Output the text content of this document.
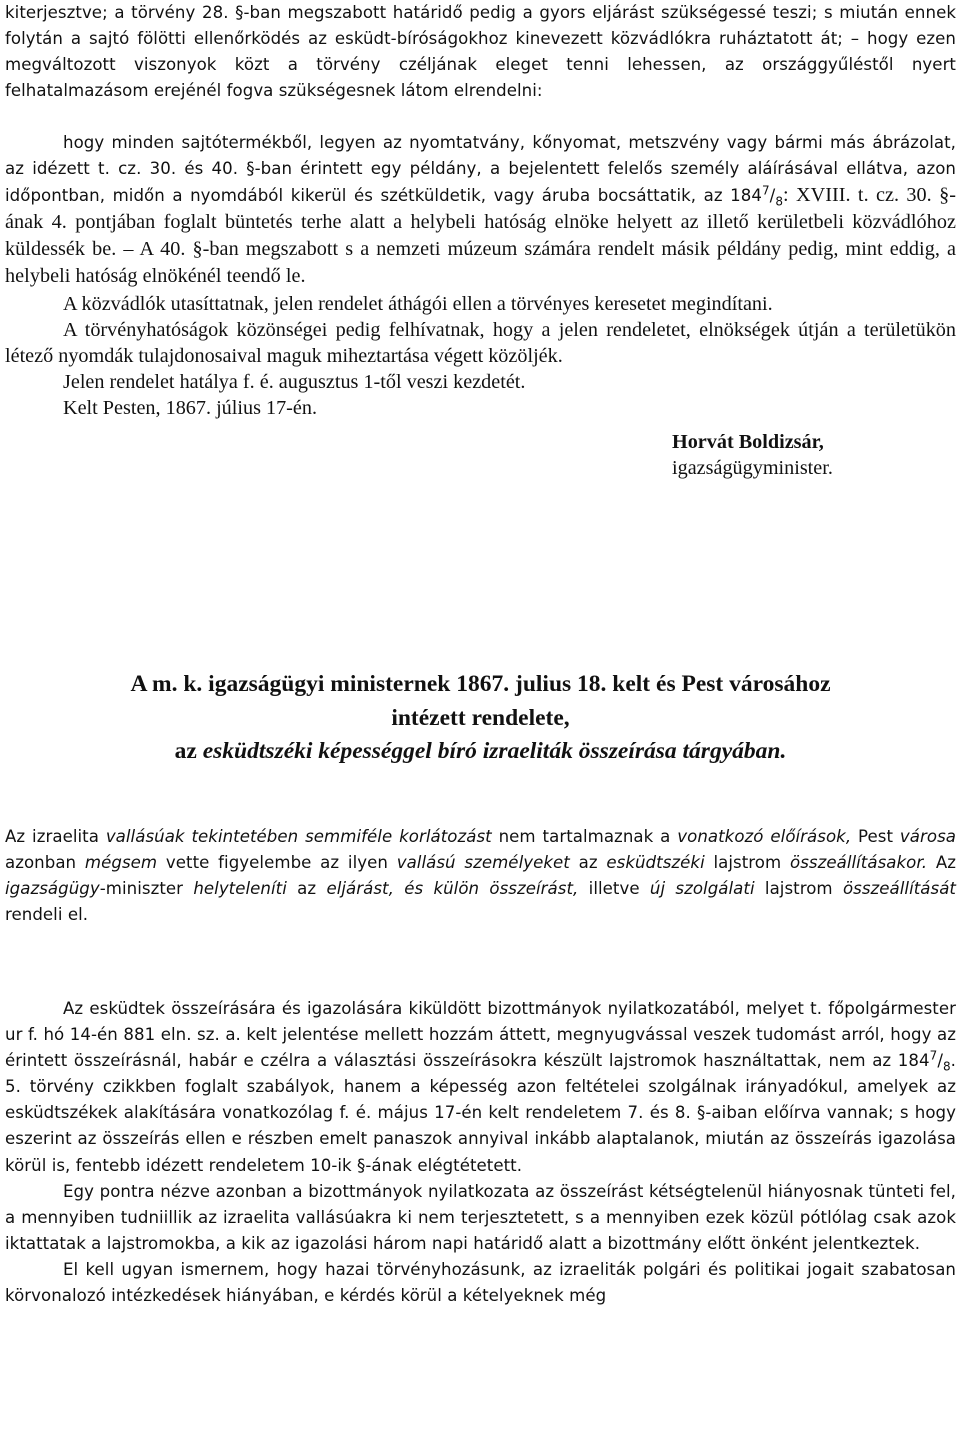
kiterjesztve; a törvény 28. §-ban megszabott határidő pedig a gyors eljárást szükségessé teszi; s miután ennek folytán a sajtó fölötti ellenőrködés az esküdt-bíróságokhoz kinevezett közvádlókra ruháztatott át; – hogy ezen megváltozott viszonyok közt a törvény czéljának eleget tenni lehessen, az országgyűléstől nyert felhatalmazásom erejénél fogva szükségesnek látom elrendelni:

hogy minden sajtótermékből, legyen az nyomtatvány, kőnyomat, metszvény vagy bármi más ábrázolat, az idézett t. cz. 30. és 40. §-ban érintett egy példány, a bejelentett felelős személy aláírásával ellátva, azon időpontban, midőn a nyomdából kikerül és szétküldetik, vagy áruba bocsáttatik, az $184^7/_8$: XVIII. t. cz. 30. §-ának 4. pontjában foglalt büntetés terhe alatt a helybeli hatóság elnöke helyett az illető kerületbeli közvádlóhoz küldessék be. – A 40. §-ban megszabott s a nemzeti múzeum számára rendelt másik példány pedig, mint eddig, a helybeli hatóság elnökénél teendő le.

A közvádlók utasíttatnak, jelen rendelet áthágói ellen a törvényes keresetet megindítani.

A törvényhatóságok közönségei pedig felhívatnak, hogy a jelen rendeletet, elnökségek útján a területükön létező nyomdák tulajdonosaival maguk miheztartása végett közöljék.

Jelen rendelet hatálya f. é. augusztus 1-től veszi kezdetét.

Kelt Pesten, 1867. július 17-én.

Horvát Boldizsár,
igazságügyminister.
A m. k. igazságügyi ministernek 1867. julius 18. kelt és Pest városához
intézett rendelete,
az esküdtszéki képességgel bíró izraeliták összeírása tárgyában.

Az izraelita vallásúak tekintetében semmiféle korlátozást nem tartalmaznak a vonatkozó előírások, Pest városa azonban mégsem vette figyelembe az ilyen vallású személyeket az esküdtszéki lajstrom összeállításakor. Az igazságügy-miniszter helyteleníti az eljárást, és külön összeírást, illetve új szolgálati lajstrom összeállítását rendeli el.

Az esküdtek összeírására és igazolására kiküldött bizottmányok nyilatkozatából, melyet t. főpolgármester ur f. hó 14-én 881 eln. sz. a. kelt jelentése mellett hozzám áttett, megnyugvással veszek tudomást arról, hogy az érintett összeírásnál, habár e czélra a választási összeírásokra készült lajstromok használtattak, nem az $184^7/_8$. 5. törvény czikkben foglalt szabályok, hanem a képesség azon feltételei szolgálnak irányadókul, amelyek az esküdtszékek alakítására vonatkozólag f. é. május 17-én kelt rendeletem 7. és 8. §-aiban előírva vannak; s hogy eszerint az összeírás ellen e részben emelt panaszok annyival inkább alaptalanok, miután az összeírás igazolása körül is, fentebb idézett rendeletem 10-ik §-ának elégtétetett.

Egy pontra nézve azonban a bizottmányok nyilatkozata az összeírást kétségtelenül hiányosnak tünteti fel, a mennyiben tudniillik az izraelita vallásúakra ki nem terjesztetett, s a mennyiben ezek közül pótlólag csak azok iktattatak a lajstromokba, a kik az igazolási három napi határidő alatt a bizottmány előtt önként jelentkeztek.

El kell ugyan ismernem, hogy hazai törvényhozásunk, az izraeliták polgári és politikai jogait szabatosan körvonalozó intézkedések hiányában, e kérdés körül a kételyeknek még
